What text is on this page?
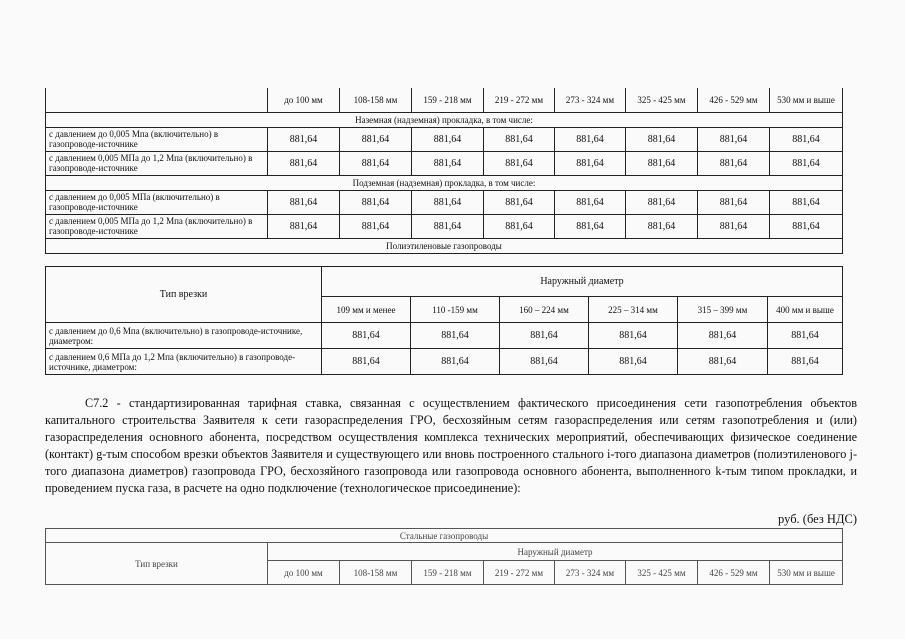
	до 100 мм	108-158 мм	159 - 218 мм	219 - 272 мм	273 - 324 мм	325 - 425 мм	426 - 529 мм	530 мм и выше
Наземная (надземная) прокладка, в том числе:								
с давлением до 0,005 Мпа (включительно) в газопроводе-источнике	881,64	881,64	881,64	881,64	881,64	881,64	881,64	881,64
с давлением 0,005 МПа до 1,2 Мпа (включительно) в газопроводе-источнике	881,64	881,64	881,64	881,64	881,64	881,64	881,64	881,64
Подземная (надземная) прокладка, в том числе:								
с давлением до 0,005 МПа (включительно) в газопроводе-источнике	881,64	881,64	881,64	881,64	881,64	881,64	881,64	881,64
с давлением 0,005 МПа до 1,2 Мпа (включительно) в газопроводе-источнике	881,64	881,64	881,64	881,64	881,64	881,64	881,64	881,64
Полиэтиленовые газопроводы								
Тип врезки	Наружный диаметр					
	109 мм и менее	110 -159 мм	160 – 224 мм	225 – 314 мм	315 – 399 мм	400 мм и выше
с давлением до 0,6 Мпа (включительно) в газопроводе-источнике, диаметром:	881,64	881,64	881,64	881,64	881,64	881,64
с давлением 0,6 МПа до 1,2 Мпа (включительно) в газопроводе-источнике, диаметром:	881,64	881,64	881,64	881,64	881,64	881,64

С7.2 - стандартизированная тарифная ставка, связанная с осуществлением фактического присоединения сети газопотребления объектов капитального строительства Заявителя к сети газораспределения ГРО, бесхозяйным сетям газораспределения или сетям газопотребления и (или) газораспределения основного абонента, посредством осуществления комплекса технических мероприятий, обеспечивающих физическое соединение (контакт) g-тым способом врезки объектов Заявителя и существующего или вновь построенного стального i-того диапазона диаметров (полиэтиленового j-того диапазона диаметров) газопровода ГРО, бесхозяйного газопровода или газопровода основного абонента, выполненного k-тым типом прокладки, и проведением пуска газа, в расчете на одно подключение (технологическое присоединение):

руб. (без НДС)
Стальные газопроводы								
Тип врезки	Наружный диаметр							
	до 100 мм	108-158 мм	159 - 218 мм	219 - 272 мм	273 - 324 мм	325 - 425 мм	426 - 529 мм	530 мм и выше
